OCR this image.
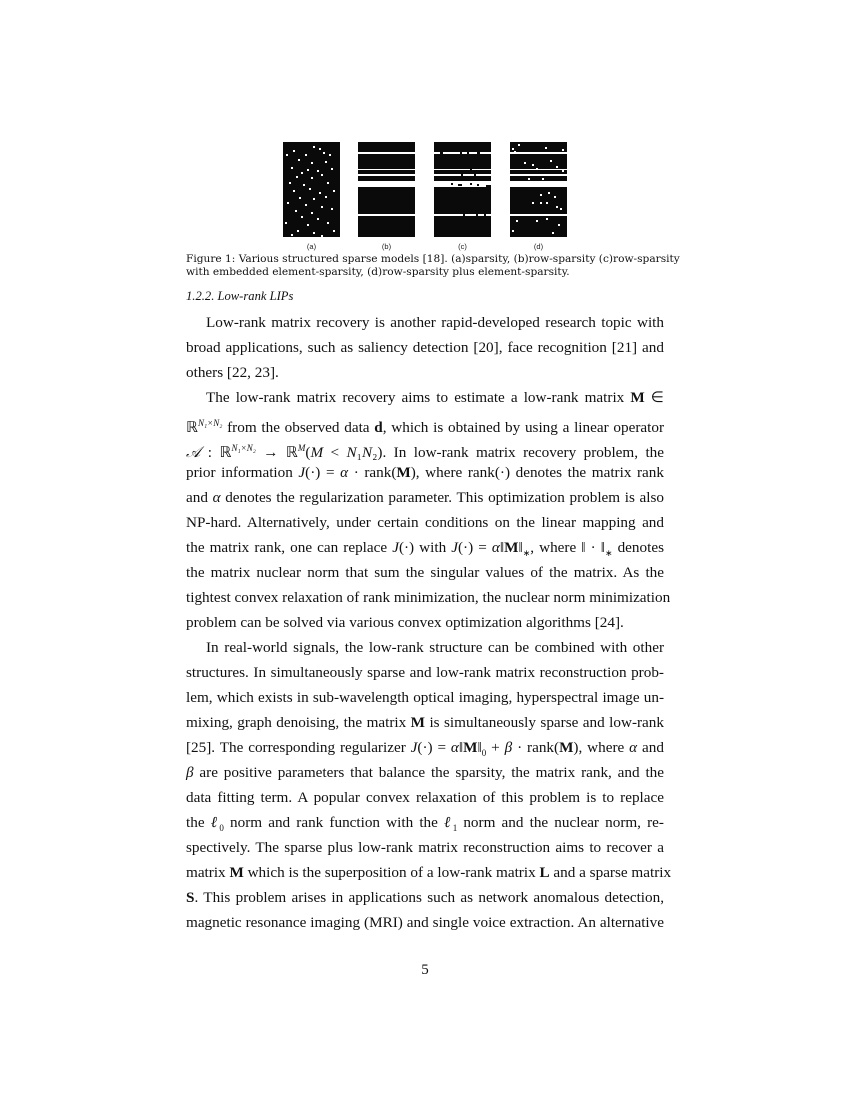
(a)	(b)	(c)	(d)
Figure 1: Various structured sparse models [18]. (a)sparsity, (b)row-sparsity (c)row-sparsity
with embedded element-sparsity, (d)row-sparsity plus element-sparsity.
1.2.2. Low-rank LIPs
Low-rank matrix recovery is another rapid-developed research topic with
broad applications, such as saliency detection [20], face recognition [21] and
others [22, 23].
The low-rank matrix recovery aims to estimate a low-rank matrix M ∈
ℝ$^{N_1\times N_2}$ from the observed data d, which is obtained by using a linear operator
𝒜 : ℝ$^{N_1\times N_2}$ → ℝ$^M$(M < N₁N₂). In low-rank matrix recovery problem, the
prior information J(·) = α · rank(M), where rank(·) denotes the matrix rank
and α denotes the regularization parameter. This optimization problem is also
NP-hard. Alternatively, under certain conditions on the linear mapping and
the matrix rank, one can replace J(·) with $J(\cdot) = \alpha‖M‖_∗$, where ‖ · $‖_∗$ denotes
the matrix nuclear norm that sum the singular values of the matrix. As the
tightest convex relaxation of rank minimization, the nuclear norm minimization
problem can be solved via various convex optimization algorithms [24].
In real-world signals, the low-rank structure can be combined with other
structures. In simultaneously sparse and low-rank matrix reconstruction prob-
lem, which exists in sub-wavelength optical imaging, hyperspectral image un-
mixing, graph denoising, the matrix M is simultaneously sparse and low-rank
[25]. The corresponding regularizer $J(\cdot) = \alpha‖M‖_0 + \beta$ · rank(M), where α and
β are positive parameters that balance the sparsity, the matrix rank, and the
data fitting term. A popular convex relaxation of this problem is to replace
the ℓ$_0$ norm and rank function with the ℓ$_1$ norm and the nuclear norm, re-
spectively. The sparse plus low-rank matrix reconstruction aims to recover a
matrix M which is the superposition of a low-rank matrix L and a sparse matrix
S. This problem arises in applications such as network anomalous detection,
magnetic resonance imaging (MRI) and single voice extraction. An alternative
5
